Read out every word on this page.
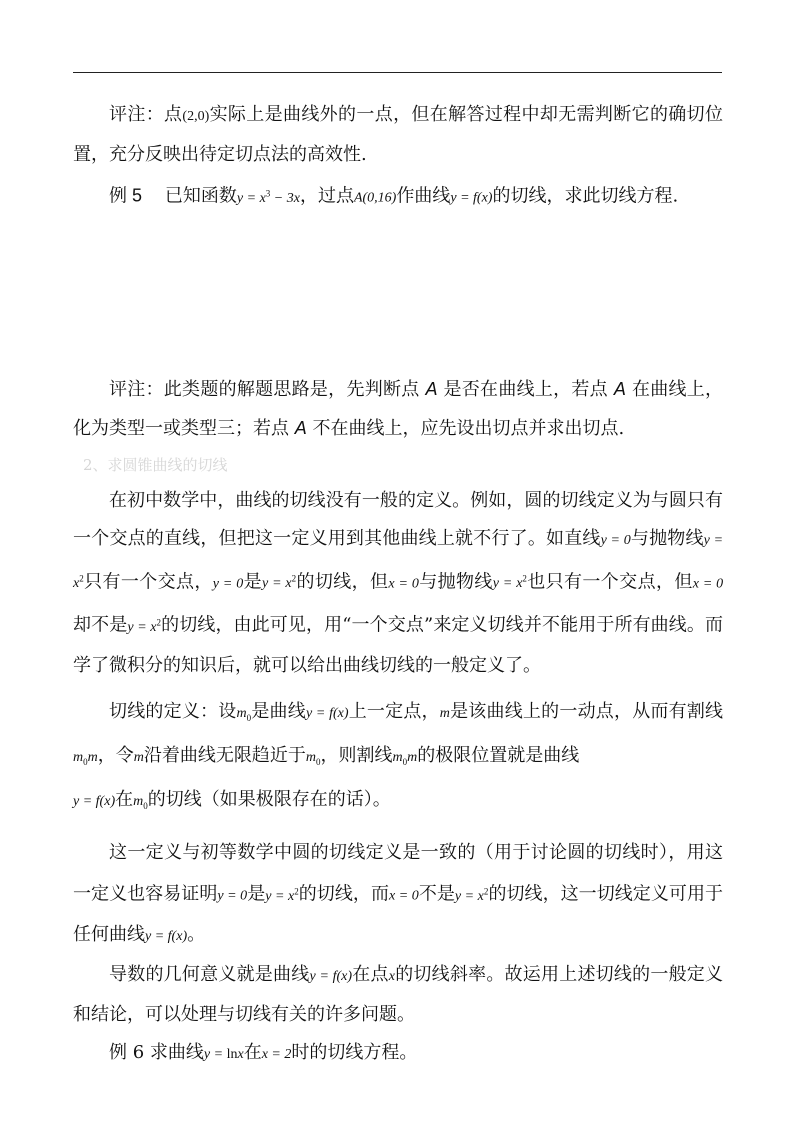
评注：点(2,0)实际上是曲线外的一点，但在解答过程中却无需判断它的确切位置，充分反映出待定切点法的高效性.

例 5 已知函数$y = x^3 - 3x$，过点A(0,16)作曲线y = f(x)的切线，求此切线方程.

评注：此类题的解题思路是，先判断点 A 是否在曲线上，若点 A 在曲线上，化为类型一或类型三；若点 A 不在曲线上，应先设出切点并求出切点.

2、求圆锥曲线的切线

在初中数学中，曲线的切线没有一般的定义。例如，圆的切线定义为与圆只有一个交点的直线，但把这一定义用到其他曲线上就不行了。如直线y = 0与抛物线$y = x^2$只有一个交点，y = 0是$y = x^2$的切线，但x = 0与抛物线$y = x^2$也只有一个交点，但x = 0却不是$y = x^2$的切线，由此可见，用“一个交点”来定义切线并不能用于所有曲线。而学了微积分的知识后，就可以给出曲线切线的一般定义了。

切线的定义：设$m_0$是曲线y = f(x)上一定点，m是该曲线上的一动点，从而有割线$m_0m$，令m沿着曲线无限趋近于$m_0$，则割线$m_0m$的极限位置就是曲线
y = f(x)在$m_0$的切线（如果极限存在的话）。

这一定义与初等数学中圆的切线定义是一致的（用于讨论圆的切线时），用这一定义也容易证明y = 0是$y = x^2$的切线，而x = 0不是$y = x^2$的切线，这一切线定义可用于任何曲线y = f(x)。

导数的几何意义就是曲线y = f(x)在点x的切线斜率。故运用上述切线的一般定义和结论，可以处理与切线有关的许多问题。

例 6 求曲线y = lnx在x = 2时的切线方程。
